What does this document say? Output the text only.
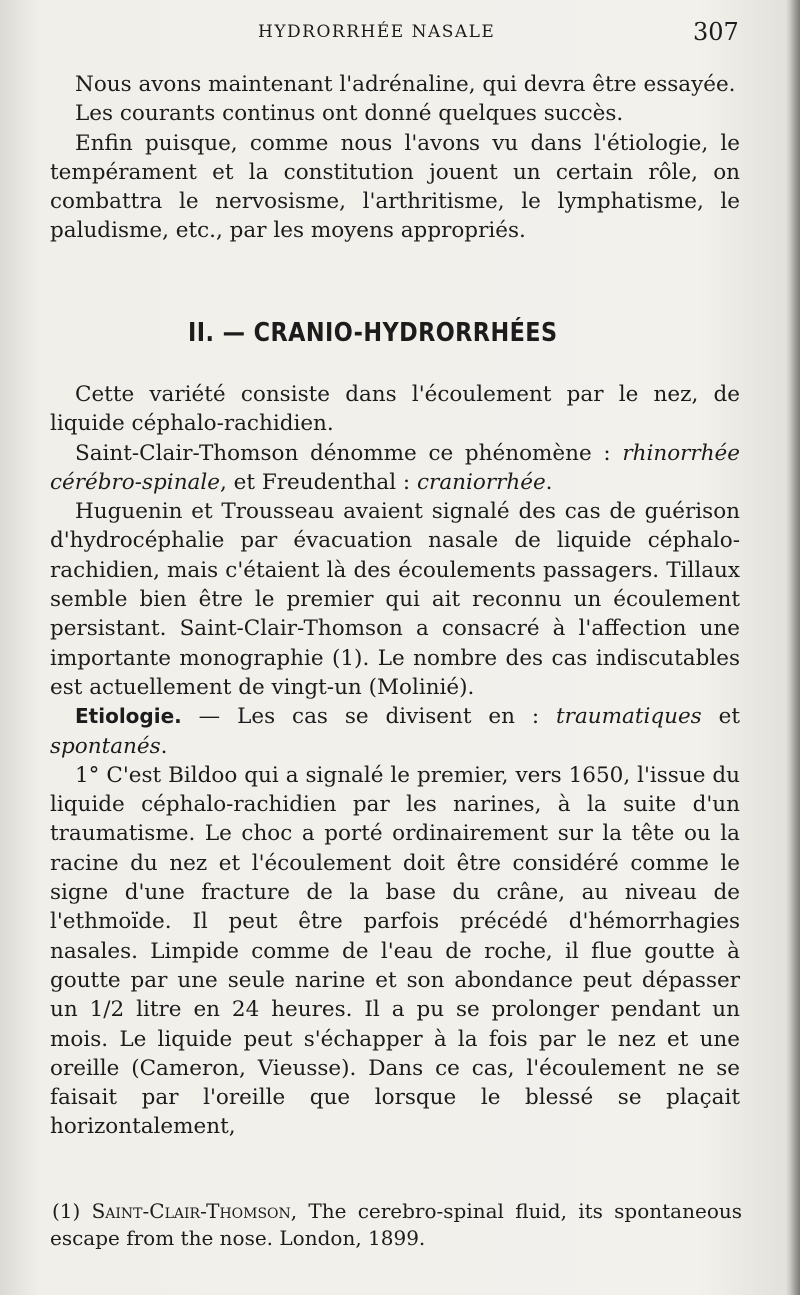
HYDRORRHÉE NASALE	307

Nous avons maintenant l'adrénaline, qui devra être essayée.

Les courants continus ont donné quelques succès.

Enfin puisque, comme nous l'avons vu dans l'étiologie, le tempérament et la constitution jouent un certain rôle, on combattra le nervosisme, l'arthritisme, le lymphatisme, le paludisme, etc., par les moyens appropriés.

II. — CRANIO-HYDRORRHÉES

Cette variété consiste dans l'écoulement par le nez, de liquide céphalo-rachidien.

Saint-Clair-Thomson dénomme ce phénomène : rhinorrhée cérébro-spinale, et Freudenthal : craniorrhée.

Huguenin et Trousseau avaient signalé des cas de guérison d'hydrocéphalie par évacuation nasale de liquide céphalo-rachidien, mais c'étaient là des écoulements passagers. Tillaux semble bien être le premier qui ait reconnu un écoulement persistant. Saint-Clair-Thomson a consacré à l'affection une importante monographie (1). Le nombre des cas indiscutables est actuellement de vingt-un (Molinié).

Etiologie. — Les cas se divisent en : traumatiques et spontanés.

1° C'est Bildoo qui a signalé le premier, vers 1650, l'issue du liquide céphalo-rachidien par les narines, à la suite d'un traumatisme. Le choc a porté ordinairement sur la tête ou la racine du nez et l'écoulement doit être considéré comme le signe d'une fracture de la base du crâne, au niveau de l'ethmoïde. Il peut être parfois précédé d'hémorrhagies nasales. Limpide comme de l'eau de roche, il flue goutte à goutte par une seule narine et son abondance peut dépasser un 1/2 litre en 24 heures. Il a pu se prolonger pendant un mois. Le liquide peut s'échapper à la fois par le nez et une oreille (Cameron, Vieusse). Dans ce cas, l'écoulement ne se faisait par l'oreille que lorsque le blessé se plaçait horizontalement,

(1) Saint-Clair-Thomson, The cerebro-spinal fluid, its spontaneous escape from the nose. London, 1899.
